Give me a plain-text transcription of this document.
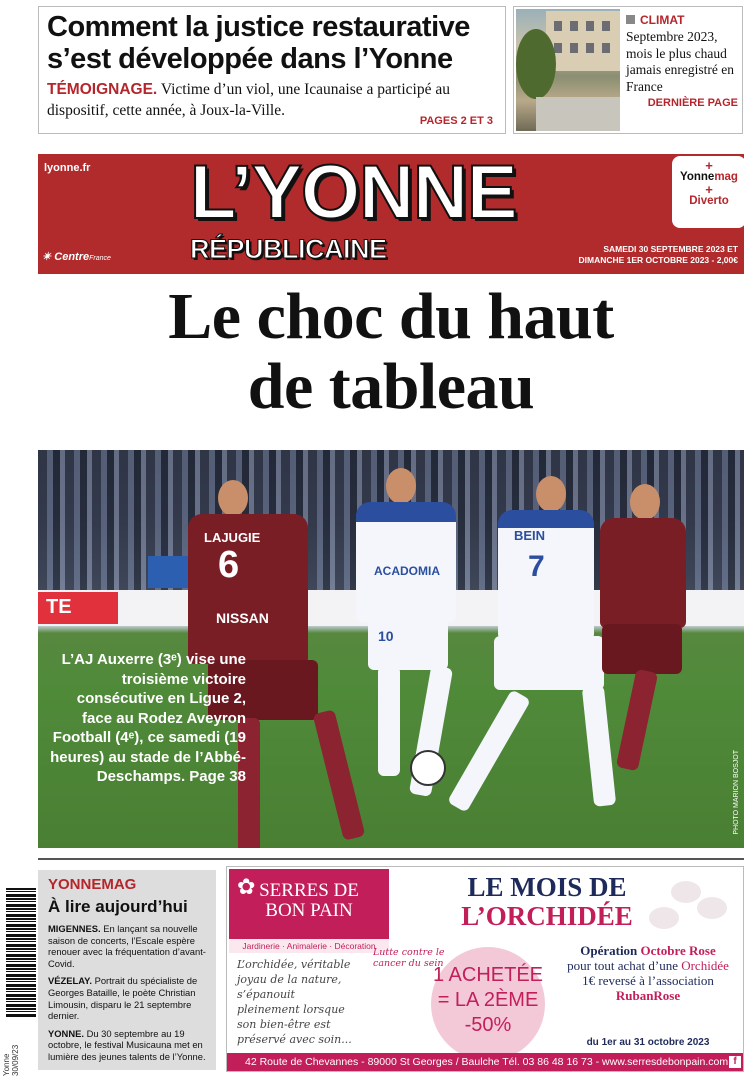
Comment la justice restaurative s’est développée dans l’Yonne

TÉMOIGNAGE. Victime d’un viol, une Icaunaise a participé au dispositif, cette année, à Joux-la-Ville.

PAGES 2 ET 3
CLIMAT

Septembre 2023, mois le plus chaud jamais enregistré en France

DERNIÈRE PAGE
lyonne.fr L’YONNE
RÉPUBLICAINE
✴ CentreFrance
SAMEDI 30 SEPTEMBRE 2023 ET
DIMANCHE 1ER OCTOBRE 2023 - 2,00€
+
Yonnemag
+
Diverto
Le choc du haut
de tableau
TE
LAJUGIE
6
NISSAN
ACADOMIA
10
BEIN
7
L’AJ Auxerre (3ᵉ) vise une troisième victoire consécutive en Ligue 2, face au Rodez Aveyron Football (4ᵉ), ce samedi (19 heures) au stade de l’Abbé-Deschamps. Page 38	PHOTO MARION BOSJOT
Yonne 30/09/23
YONNEMAG
À lire aujourd’hui

MIGENNES. En lançant sa nouvelle saison de concerts, l’Escale espère renouer avec la fréquentation d’avant-Covid.

VÉZELAY. Portrait du spécialiste de Georges Bataille, le poète Christian Limousin, disparu le 21 septembre dernier.

YONNE. Du 30 septembre au 19 octobre, le festival Musicauna met en lumière des jeunes talents de l’Yonne.

✿ SERRES DE
BON PAIN
Jardinerie · Animalerie · Décoration
LE MOIS DE
L’ORCHIDÉE
L’orchidée, véritable joyau de la nature, s’épanouit pleinement lorsque son bien-être est préservé avec soin...
Lutte contre le cancer du sein
1 ACHETÉE
= LA 2ÈME
-50%
Opération Octobre Rose
pour tout achat d’une Orchidée
1€ reversé à l’association
RubanRose
du 1er au 31 octobre 2023
42 Route de Chevannes - 89000 St Georges / Baulche Tél. 03 86 48 16 73 - www.serresdebonpain.com f
